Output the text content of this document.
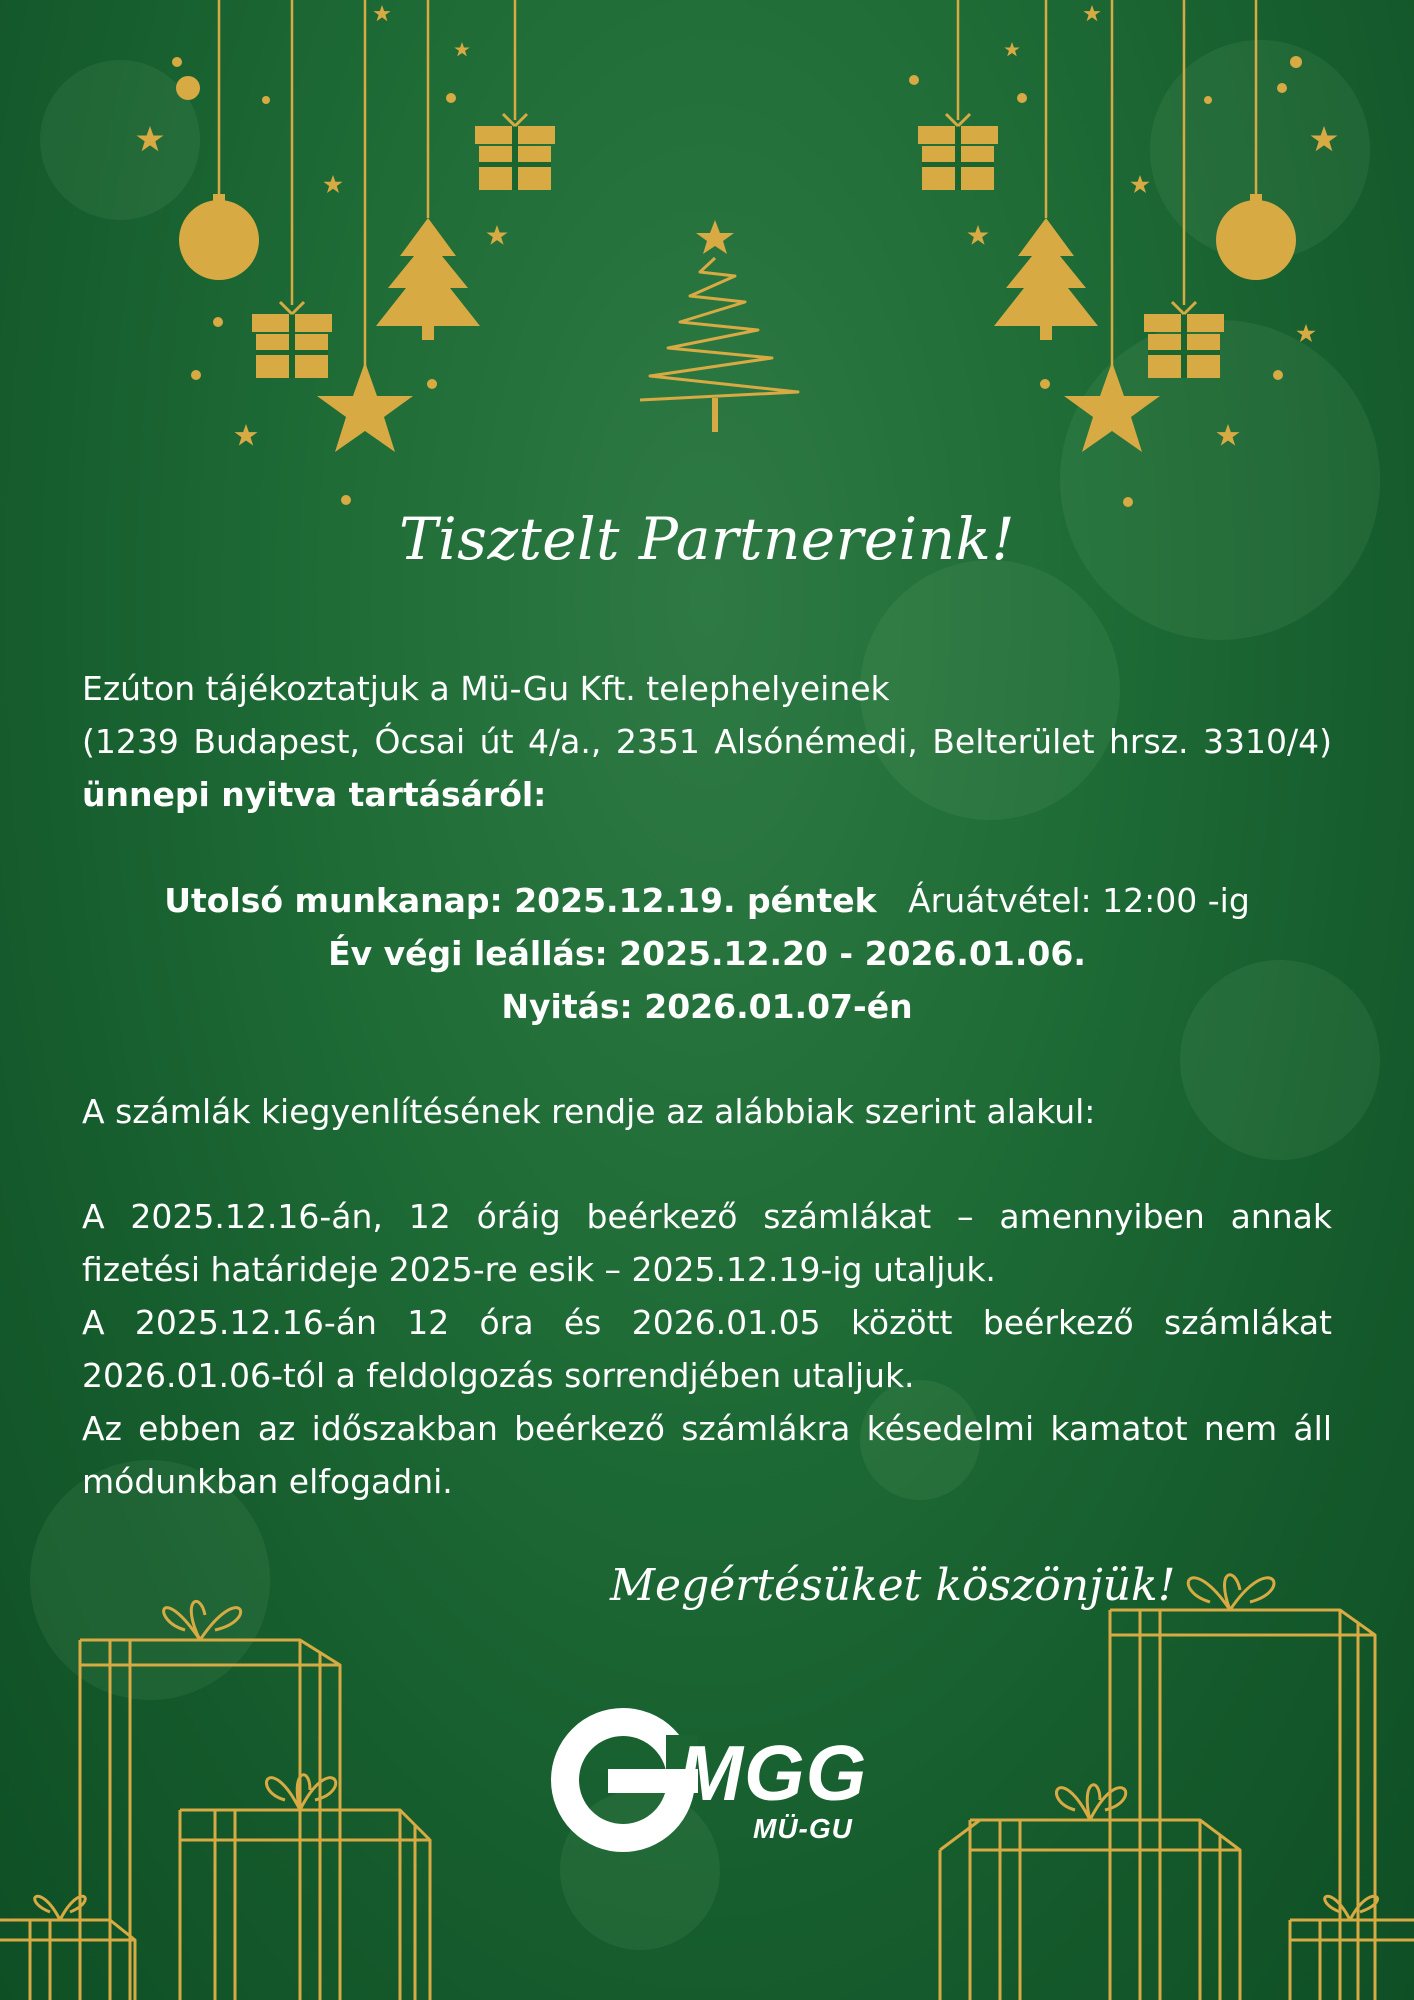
Tisztelt Partnereink!
Ezúton tájékoztatjuk a Mü-Gu Kft. telephelyeinek
(1239 Budapest, Ócsai út 4/a., 2351 Alsónémedi, Belterület hrsz. 3310/4) ünnepi nyitva tartásáról:
Utolsó munkanap: 2025.12.19. péntek Áruátvétel: 12:00 -ig
Év végi leállás: 2025.12.20 - 2026.01.06.
Nyitás: 2026.01.07-én
A számlák kiegyenlítésének rendje az alábbiak szerint alakul:
A 2025.12.16-án, 12 óráig beérkező számlákat – amennyiben annak fizetési határideje 2025-re esik – 2025.12.19-ig utaljuk.
A 2025.12.16-án 12 óra és 2026.01.05 között beérkező számlákat 2026.01.06-tól a feldolgozás sorrendjében utaljuk.
Az ebben az időszakban beérkező számlákra késedelmi kamatot nem áll módunkban elfogadni.
Megértésüket köszönjük!
MGG
MÜ-GU
